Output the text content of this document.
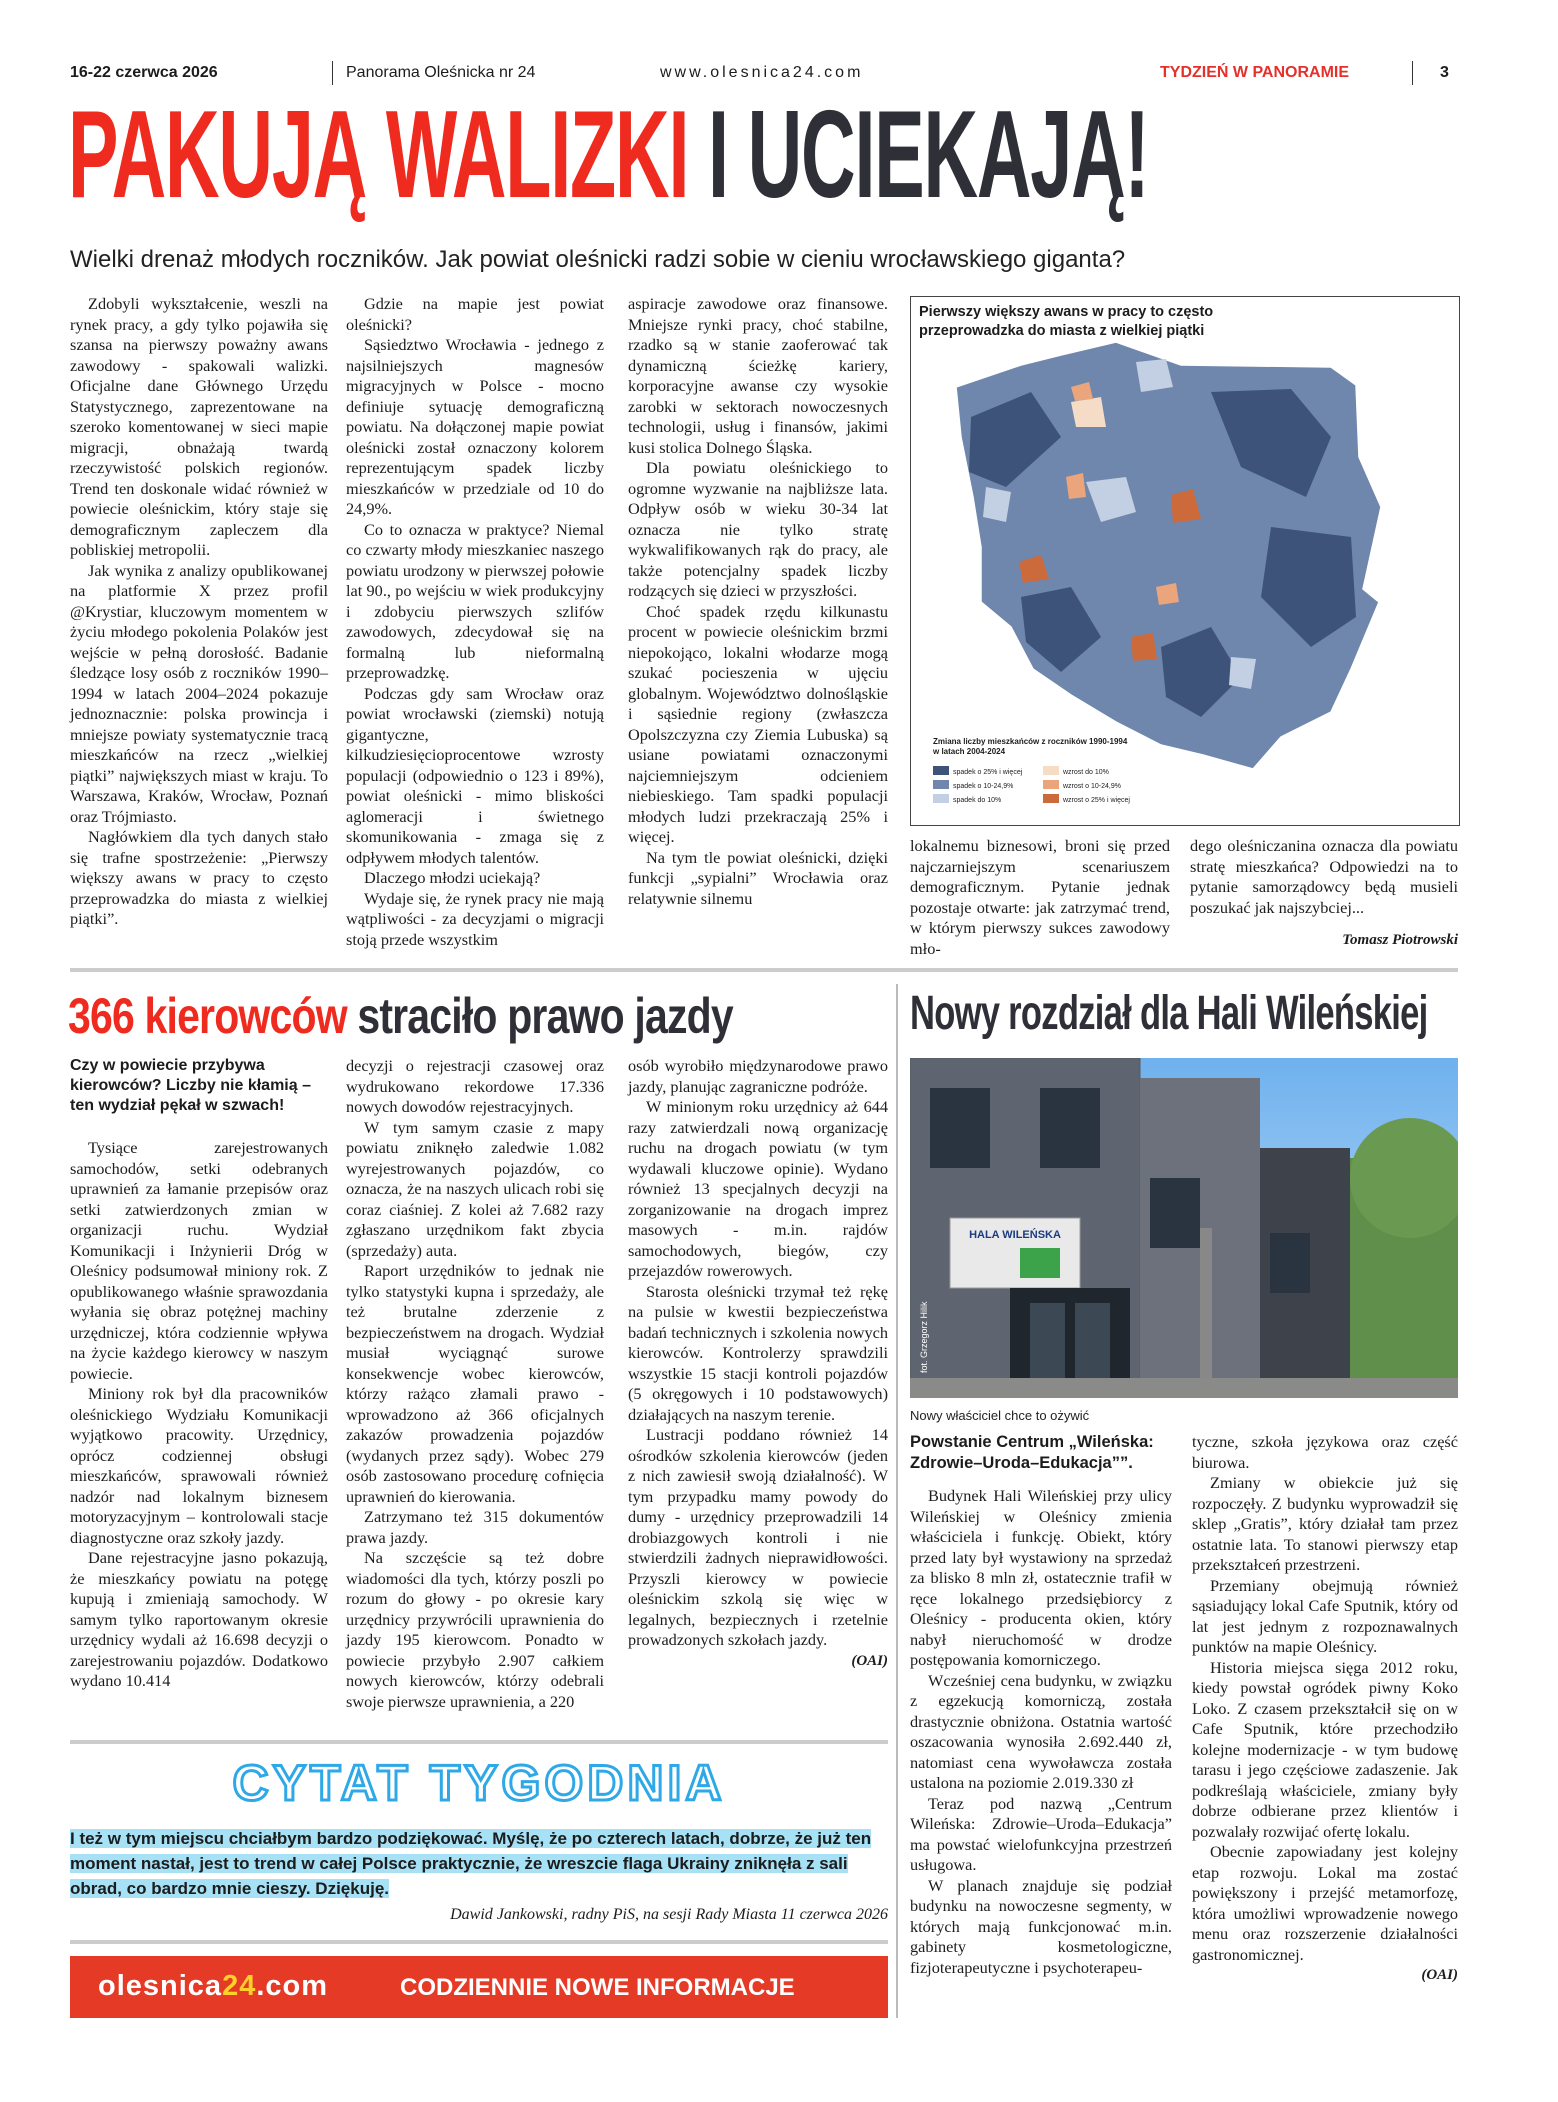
16-22 czerwca 2026	Panorama Oleśnicka nr 24	www.olesnica24.com	TYDZIEŃ W PANORAMIE	3
PAKUJĄ WALIZKI I UCIEKAJĄ!
Wielki drenaż młodych roczników. Jak powiat oleśnicki radzi sobie w cieniu wrocławskiego giganta?

Zdobyli wykształcenie, weszli na rynek pracy, a gdy tylko pojawiła się szansa na pierwszy poważny awans zawodowy - spakowali walizki. Oficjalne dane Głównego Urzędu Statystycznego, zaprezentowane na szeroko komentowanej w sieci mapie migracji, obnażają twardą rzeczywistość polskich regionów. Trend ten doskonale widać również w powiecie oleśnickim, który staje się demograficznym zapleczem dla pobliskiej metropolii.

Jak wynika z analizy opublikowanej na platformie X przez profil @Krystiar, kluczowym momentem w życiu młodego pokolenia Polaków jest wejście w pełną dorosłość. Badanie śledzące losy osób z roczników 1990–1994 w latach 2004–2024 pokazuje jednoznacznie: polska prowincja i mniejsze powiaty systematycznie tracą mieszkańców na rzecz „wielkiej piątki” największych miast w kraju. To Warszawa, Kraków, Wrocław, Poznań oraz Trójmiasto.

Nagłówkiem dla tych danych stało się trafne spostrzeżenie: „Pierwszy większy awans w pracy to często przeprowadzka do miasta z wielkiej piątki”.

Gdzie na mapie jest powiat oleśnicki?

Sąsiedztwo Wrocławia - jednego z najsilniejszych magnesów migracyjnych w Polsce - mocno definiuje sytuację demograficzną powiatu. Na dołączonej mapie powiat oleśnicki został oznaczony kolorem reprezentującym spadek liczby mieszkańców w przedziale od 10 do 24,9%.

Co to oznacza w praktyce? Niemal co czwarty młody mieszkaniec naszego powiatu urodzony w pierwszej połowie lat 90., po wejściu w wiek produkcyjny i zdobyciu pierwszych szlifów zawodowych, zdecydował się na formalną lub nieformalną przeprowadzkę.

Podczas gdy sam Wrocław oraz powiat wrocławski (ziemski) notują gigantyczne, kilkudziesięcioprocentowe wzrosty populacji (odpowiednio o 123 i 89%), powiat oleśnicki - mimo bliskości aglomeracji i świetnego skomunikowania - zmaga się z odpływem młodych talentów.

Dlaczego młodzi uciekają?

Wydaje się, że rynek pracy nie mają wątpliwości - za decyzjami o migracji stoją przede wszystkim

aspiracje zawodowe oraz finansowe. Mniejsze rynki pracy, choć stabilne, rzadko są w stanie zaoferować tak dynamiczną ścieżkę kariery, korporacyjne awanse czy wysokie zarobki w sektorach nowoczesnych technologii, usług i finansów, jakimi kusi stolica Dolnego Śląska.

Dla powiatu oleśnickiego to ogromne wyzwanie na najbliższe lata. Odpływ osób w wieku 30-34 lat oznacza nie tylko stratę wykwalifikowanych rąk do pracy, ale także potencjalny spadek liczby rodzących się dzieci w przyszłości.

Choć spadek rzędu kilkunastu procent w powiecie oleśnickim brzmi niepokojąco, lokalni włodarze mogą szukać pocieszenia w ujęciu globalnym. Województwo dolnośląskie i sąsiednie regiony (zwłaszcza Opolszczyzna czy Ziemia Lubuska) są usiane powiatami oznaczonymi najciemniejszym odcieniem niebieskiego. Tam spadki populacji młodych ludzi przekraczają 25% i więcej.

Na tym tle powiat oleśnicki, dzięki funkcji „sypialni” Wrocławia oraz relatywnie silnemu

Pierwszy większy awans w pracy to często przeprowadzka do miasta z wielkiej piątki
Zmiana liczby mieszkańców z roczników 1990-1994 w latach 2004-2024
spadek o 25% i więcej
spadek o 10-24,9%
spadek do 10%
wzrost do 10%
wzrost o 10-24,9%
wzrost o 25% i więcej

lokalnemu biznesowi, broni się przed najczarniejszym scenariuszem demograficznym. Pytanie jednak pozostaje otwarte: jak zatrzymać trend, w którym pierwszy sukces zawodowy mło-

dego oleśniczanina oznacza dla powiatu stratę mieszkańca? Odpowiedzi na to pytanie samorządowcy będą musieli poszukać jak najszybciej...

Tomasz Piotrowski

366 kierowców straciło prawo jazdy

Czy w powiecie przybywa kierowców? Liczby nie kłamią – ten wydział pękał w szwach!

Tysiące zarejestrowanych samochodów, setki odebranych uprawnień za łamanie przepisów oraz setki zatwierdzonych zmian w organizacji ruchu. Wydział Komunikacji i Inżynierii Dróg w Oleśnicy podsumował miniony rok. Z opublikowanego właśnie sprawozdania wyłania się obraz potężnej machiny urzędniczej, która codziennie wpływa na życie każdego kierowcy w naszym powiecie.

Miniony rok był dla pracowników oleśnickiego Wydziału Komunikacji wyjątkowo pracowity. Urzędnicy, oprócz codziennej obsługi mieszkańców, sprawowali również nadzór nad lokalnym biznesem motoryzacyjnym – kontrolowali stacje diagnostyczne oraz szkoły jazdy.

Dane rejestracyjne jasno pokazują, że mieszkańcy powiatu na potęgę kupują i zmieniają samochody. W samym tylko raportowanym okresie urzędnicy wydali aż 16.698 decyzji o zarejestrowaniu pojazdów. Dodatkowo wydano 10.414

decyzji o rejestracji czasowej oraz wydrukowano rekordowe 17.336 nowych dowodów rejestracyjnych.

W tym samym czasie z mapy powiatu zniknęło zaledwie 1.082 wyrejestrowanych pojazdów, co oznacza, że na naszych ulicach robi się coraz ciaśniej. Z kolei aż 7.682 razy zgłaszano urzędnikom fakt zbycia (sprzedaży) auta.

Raport urzędników to jednak nie tylko statystyki kupna i sprzedaży, ale też brutalne zderzenie z bezpieczeństwem na drogach. Wydział musiał wyciągnąć surowe konsekwencje wobec kierowców, którzy rażąco złamali prawo - wprowadzono aż 366 oficjalnych zakazów prowadzenia pojazdów (wydanych przez sądy). Wobec 279 osób zastosowano procedurę cofnięcia uprawnień do kierowania.

Zatrzymano też 315 dokumentów prawa jazdy.

Na szczęście są też dobre wiadomości dla tych, którzy poszli po rozum do głowy - po okresie kary urzędnicy przywrócili uprawnienia do jazdy 195 kierowcom. Ponadto w powiecie przybyło 2.907 całkiem nowych kierowców, którzy odebrali swoje pierwsze uprawnienia, a 220

osób wyrobiło międzynarodowe prawo jazdy, planując zagraniczne podróże.

W minionym roku urzędnicy aż 644 razy zatwierdzali nową organizację ruchu na drogach powiatu (w tym wydawali kluczowe opinie). Wydano również 13 specjalnych decyzji na zorganizowanie na drogach imprez masowych - m.in. rajdów samochodowych, biegów, czy przejazdów rowerowych.

Starosta oleśnicki trzymał też rękę na pulsie w kwestii bezpieczeństwa badań technicznych i szkolenia nowych kierowców. Kontrolerzy sprawdzili wszystkie 15 stacji kontroli pojazdów (5 okręgowych i 10 podstawowych) działających na naszym terenie.

Lustracji poddano również 14 ośrodków szkolenia kierowców (jeden z nich zawiesił swoją działalność). W tym przypadku mamy powody do dumy - urzędnicy przeprowadzili 14 drobiazgowych kontroli i nie stwierdzili żadnych nieprawidłowości. Przyszli kierowcy w powiecie oleśnickim szkolą się więc w legalnych, bezpiecznych i rzetelnie prowadzonych szkołach jazdy.

(OAI)

CYTAT TYGODNIA
I też w tym miejscu chciałbym bardzo podziękować. Myślę, że po czterech latach, dobrze, że już ten moment nastał, jest to trend w całej Polsce praktycznie, że wreszcie flaga Ukrainy zniknęła z sali obrad, co bardzo mnie cieszy. Dziękuję.
Dawid Jankowski, radny PiS, na sesji Rady Miasta 11 czerwca 2026
olesnica24.com	CODZIENNIE NOWE INFORMACJE
Nowy rozdział dla Hali Wileńskiej
HALA WILEŃSKA
fot. Grzegorz Hilik
Nowy właściciel chce to ożywić

Powstanie Centrum „Wileńska: Zdrowie–Uroda–Edukacja””.

Budynek Hali Wileńskiej przy ulicy Wileńskiej w Oleśnicy zmienia właściciela i funkcję. Obiekt, który przed laty był wystawiony na sprzedaż za blisko 8 mln zł, ostatecznie trafił w ręce lokalnego przedsiębiorcy z Oleśnicy - producenta okien, który nabył nieruchomość w drodze postępowania komorniczego.

Wcześniej cena budynku, w związku z egzekucją komorniczą, została drastycznie obniżona. Ostatnia wartość oszacowania wynosiła 2.692.440 zł, natomiast cena wywoławcza została ustalona na poziomie 2.019.330 zł

Teraz pod nazwą „Centrum Wileńska: Zdrowie–Uroda–Edukacja” ma powstać wielofunkcyjna przestrzeń usługowa.

W planach znajduje się podział budynku na nowoczesne segmenty, w których mają funkcjonować m.in. gabinety kosmetologiczne, fizjoterapeutyczne i psychoterapeu-

tyczne, szkoła językowa oraz część biurowa.

Zmiany w obiekcie już się rozpoczęły. Z budynku wyprowadził się sklep „Gratis”, który działał tam przez ostatnie lata. To stanowi pierwszy etap przekształceń przestrzeni.

Przemiany obejmują również sąsiadujący lokal Cafe Sputnik, który od lat jest jednym z rozpoznawalnych punktów na mapie Oleśnicy.

Historia miejsca sięga 2012 roku, kiedy powstał ogródek piwny Koko Loko. Z czasem przekształcił się on w Cafe Sputnik, które przechodziło kolejne modernizacje - w tym budowę tarasu i jego częściowe zadaszenie. Jak podkreślają właściciele, zmiany były dobrze odbierane przez klientów i pozwalały rozwijać ofertę lokalu.

Obecnie zapowiadany jest kolejny etap rozwoju. Lokal ma zostać powiększony i przejść metamorfozę, która umożliwi wprowadzenie nowego menu oraz rozszerzenie działalności gastronomicznej.

(OAI)
